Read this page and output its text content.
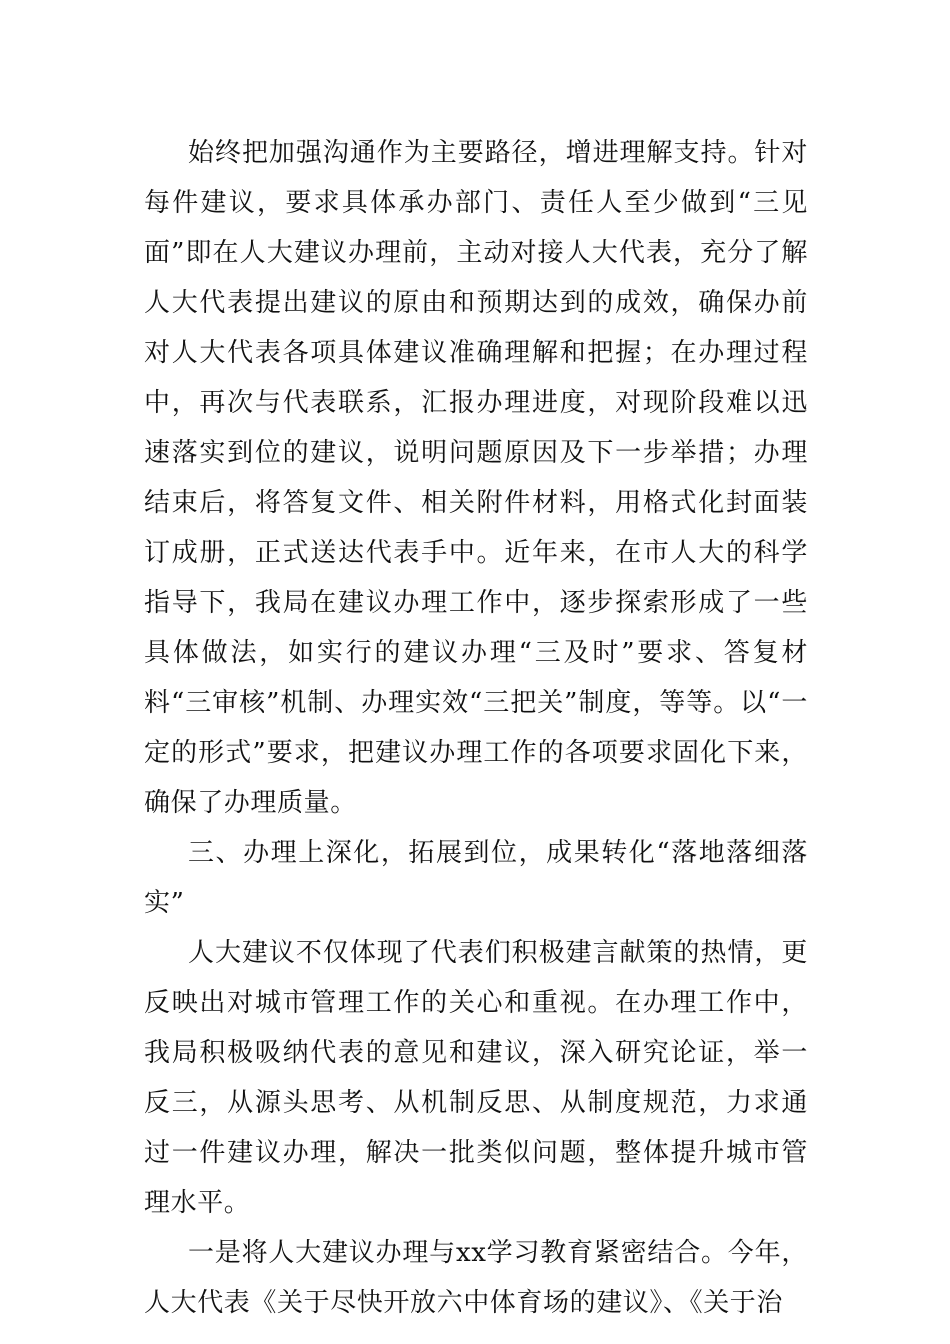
始终把加强沟通作为主要路径，增进理解支持。针对每件建议，要求具体承办部门、责任人至少做到“三见面”即在人大建议办理前，主动对接人大代表，充分了解人大代表提出建议的原由和预期达到的成效，确保办前对人大代表各项具体建议准确理解和把握；在办理过程中，再次与代表联系，汇报办理进度，对现阶段难以迅速落实到位的建议，说明问题原因及下一步举措；办理结束后，将答复文件、相关附件材料，用格式化封面装订成册，正式送达代表手中。近年来，在市人大的科学指导下，我局在建议办理工作中，逐步探索形成了一些具体做法，如实行的建议办理“三及时”要求、答复材料“三审核”机制、办理实效“三把关”制度，等等。以“一定的形式”要求，把建议办理工作的各项要求固化下来，确保了办理质量。

三、办理上深化，拓展到位，成果转化“落地落细落实”

人大建议不仅体现了代表们积极建言献策的热情，更反映出对城市管理工作的关心和重视。在办理工作中，我局积极吸纳代表的意见和建议，深入研究论证，举一反三，从源头思考、从机制反思、从制度规范，力求通过一件建议办理，解决一批类似问题，整体提升城市管理水平。

一是将人大建议办理与xx学习教育紧密结合。今年，人大代表《关于尽快开放六中体育场的建议》、《关于治
